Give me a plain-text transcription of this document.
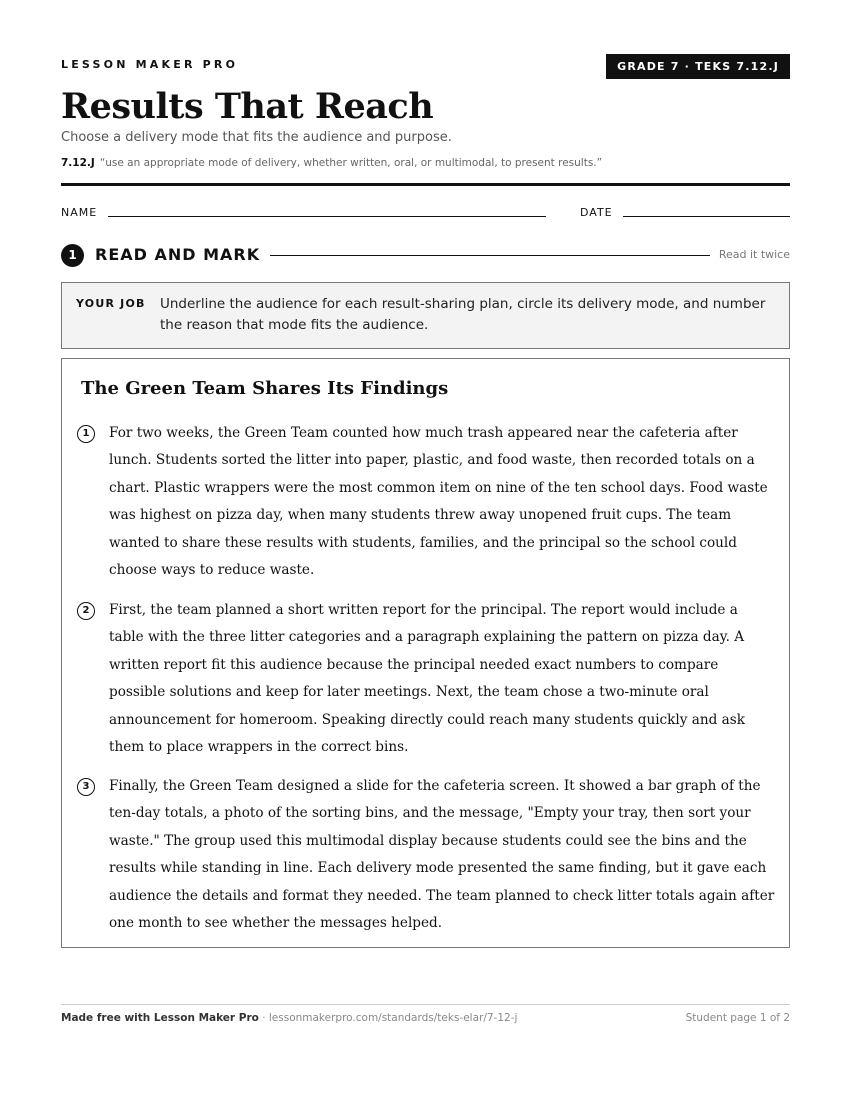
LESSON MAKER PRO	GRADE 7 · TEKS 7.12.J
Results That Reach
Choose a delivery mode that fits the audience and purpose.
7.12.J “use an appropriate mode of delivery, whether written, oral, or multimodal, to present results.”
NAME	DATE
1	READ AND MARK	Read it twice
YOUR JOB Underline the audience for each result-sharing plan, circle its delivery mode, and number the reason that mode fits the audience.
The Green Team Shares Its Findings
1	For two weeks, the Green Team counted how much trash appeared near the cafeteria after lunch. Students sorted the litter into paper, plastic, and food waste, then recorded totals on a chart. Plastic wrappers were the most common item on nine of the ten school days. Food waste was highest on pizza day, when many students threw away unopened fruit cups. The team wanted to share these results with students, families, and the principal so the school could choose ways to reduce waste.

2	First, the team planned a short written report for the principal. The report would include a table with the three litter categories and a paragraph explaining the pattern on pizza day. A written report fit this audience because the principal needed exact numbers to compare possible solutions and keep for later meetings. Next, the team chose a two-minute oral announcement for homeroom. Speaking directly could reach many students quickly and ask them to place wrappers in the correct bins.

3	Finally, the Green Team designed a slide for the cafeteria screen. It showed a bar graph of the ten-day totals, a photo of the sorting bins, and the message, "Empty your tray, then sort your waste." The group used this multimodal display because students could see the bins and the results while standing in line. Each delivery mode presented the same finding, but it gave each audience the details and format they needed. The team planned to check litter totals again after one month to see whether the messages helped.

Made free with Lesson Maker Pro · lessonmakerpro.com/standards/teks-elar/7-12-j	Student page 1 of 2
